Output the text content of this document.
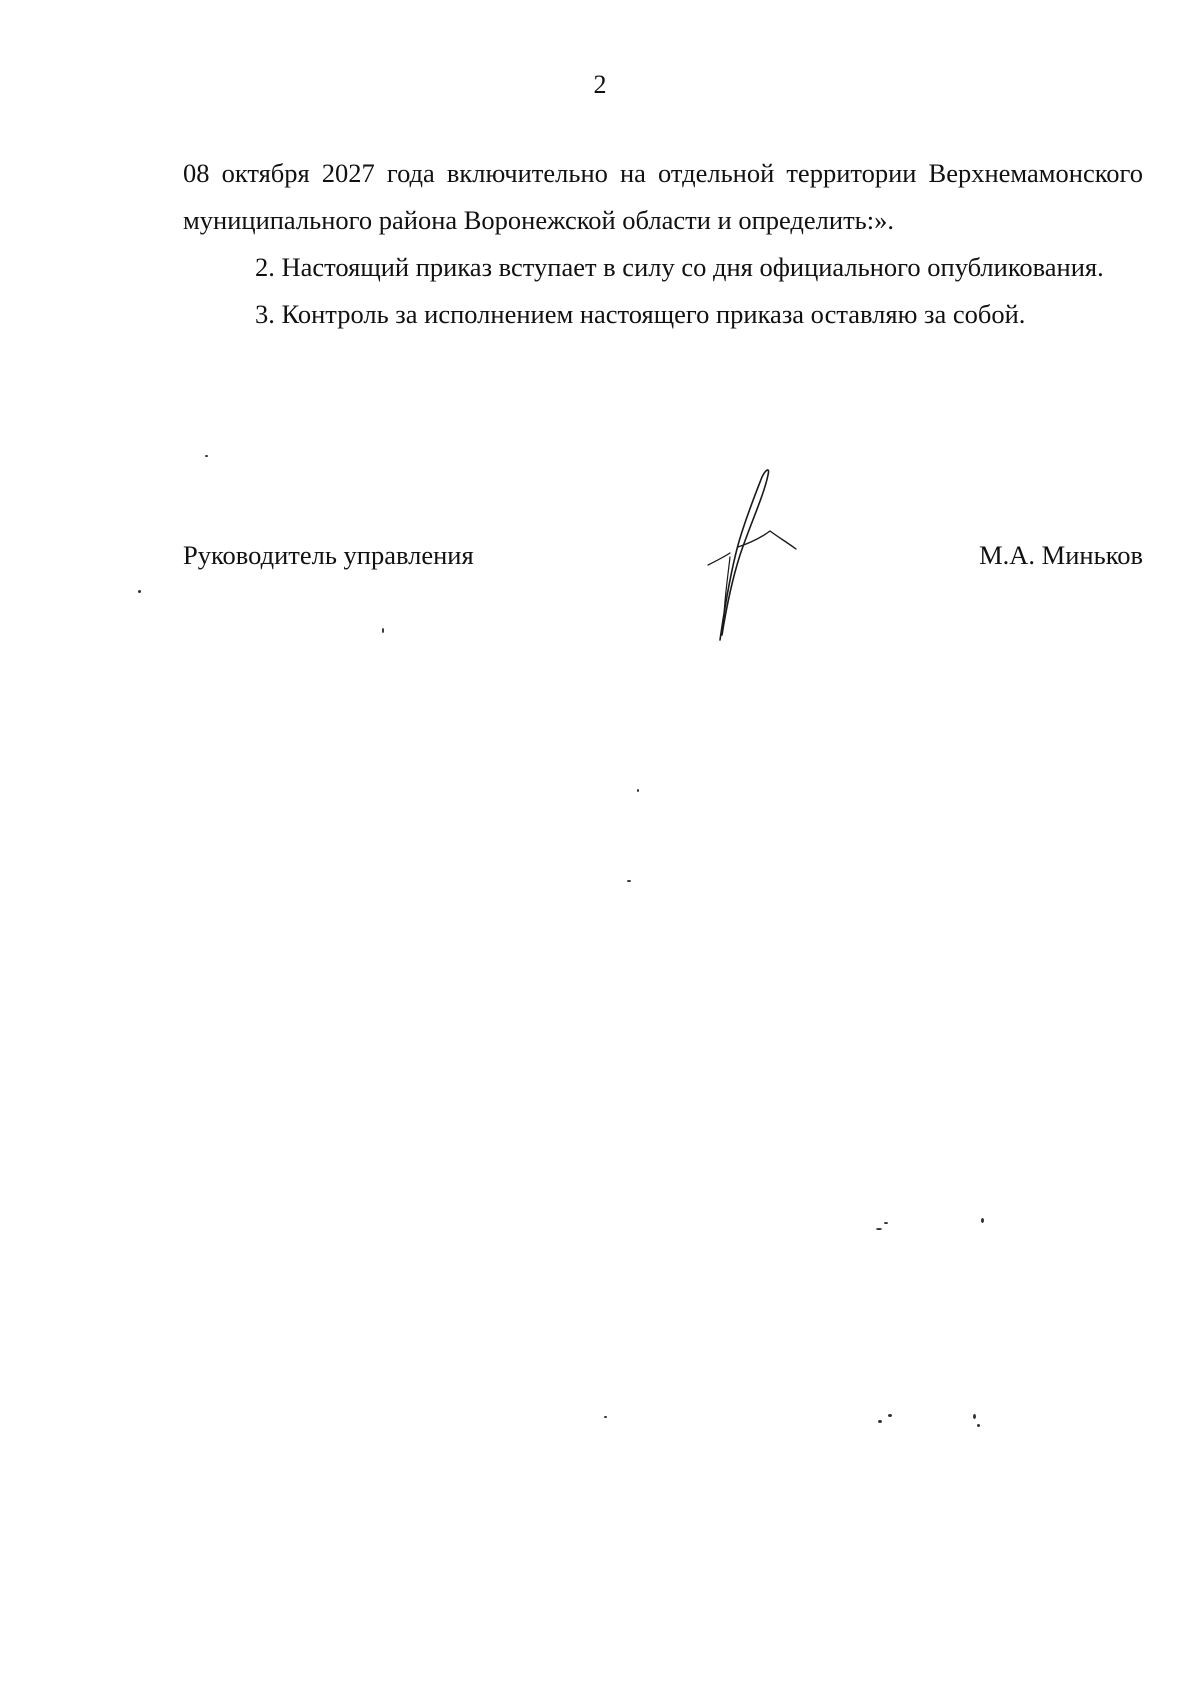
2

08 октября 2027 года включительно на отдельной территории Верхнемамонского муниципального района Воронежской области и определить:».

2. Настоящий приказ вступает в силу со дня официального опубликования.

3. Контроль за исполнением настоящего приказа оставляю за собой.

Руководитель управления	М.А. Миньков
